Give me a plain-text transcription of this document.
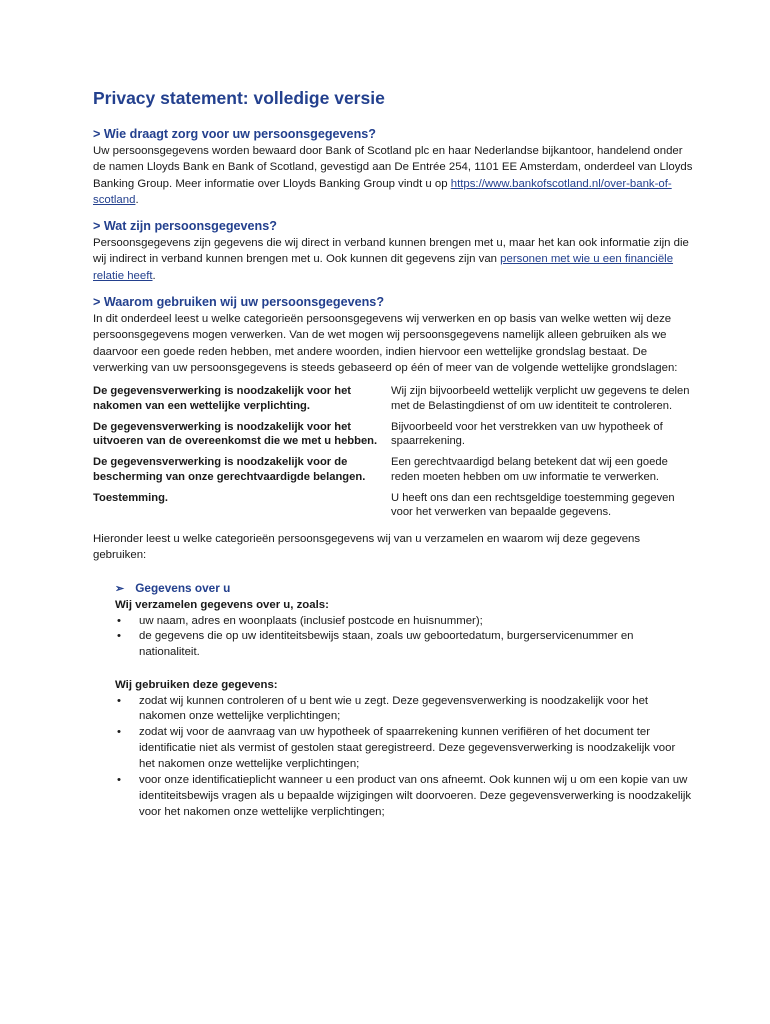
Privacy statement: volledige versie
> Wie draagt zorg voor uw persoonsgegevens?

Uw persoonsgegevens worden bewaard door Bank of Scotland plc en haar Nederlandse bijkantoor, handelend onder de namen Lloyds Bank en Bank of Scotland, gevestigd aan De Entrée 254, 1101 EE Amsterdam, onderdeel van Lloyds Banking Group. Meer informatie over Lloyds Banking Group vindt u op https://www.bankofscotland.nl/over-bank-of-scotland.

> Wat zijn persoonsgegevens?

Persoonsgegevens zijn gegevens die wij direct in verband kunnen brengen met u, maar het kan ook informatie zijn die wij indirect in verband kunnen brengen met u. Ook kunnen dit gegevens zijn van personen met wie u een financiële relatie heeft.

> Waarom gebruiken wij uw persoonsgegevens?

In dit onderdeel leest u welke categorieën persoonsgegevens wij verwerken en op basis van welke wetten wij deze persoonsgegevens mogen verwerken. Van de wet mogen wij persoonsgegevens namelijk alleen gebruiken als we daarvoor een goede reden hebben, met andere woorden, indien hiervoor een wettelijke grondslag bestaat. De verwerking van uw persoonsgegevens is steeds gebaseerd op één of meer van de volgende wettelijke grondslagen:

De gegevensverwerking is noodzakelijk voor het nakomen van een wettelijke verplichting.	Wij zijn bijvoorbeeld wettelijk verplicht uw gegevens te delen met de Belastingdienst of om uw identiteit te controleren.
De gegevensverwerking is noodzakelijk voor het uitvoeren van de overeenkomst die we met u hebben.	Bijvoorbeeld voor het verstrekken van uw hypotheek of spaarrekening.
De gegevensverwerking is noodzakelijk voor de bescherming van onze gerechtvaardigde belangen.	Een gerechtvaardigd belang betekent dat wij een goede reden moeten hebben om uw informatie te verwerken.
Toestemming.	U heeft ons dan een rechtsgeldige toestemming gegeven voor het verwerken van bepaalde gegevens.

Hieronder leest u welke categorieën persoonsgegevens wij van u verzamelen en waarom wij deze gegevens gebruiken:

➢ Gegevens over u
Wij verzamelen gegevens over u, zoals:
• uw naam, adres en woonplaats (inclusief postcode en huisnummer);
• de gegevens die op uw identiteitsbewijs staan, zoals uw geboortedatum, burgerservicenummer en nationaliteit.
Wij gebruiken deze gegevens:
• zodat wij kunnen controleren of u bent wie u zegt. Deze gegevensverwerking is noodzakelijk voor het nakomen onze wettelijke verplichtingen;
• zodat wij voor de aanvraag van uw hypotheek of spaarrekening kunnen verifiëren of het document ter identificatie niet als vermist of gestolen staat geregistreerd. Deze gegevensverwerking is noodzakelijk voor het nakomen onze wettelijke verplichtingen;
• voor onze identificatieplicht wanneer u een product van ons afneemt. Ook kunnen wij u om een kopie van uw identiteitsbewijs vragen als u bepaalde wijzigingen wilt doorvoeren. Deze gegevensverwerking is noodzakelijk voor het nakomen onze wettelijke verplichtingen;
